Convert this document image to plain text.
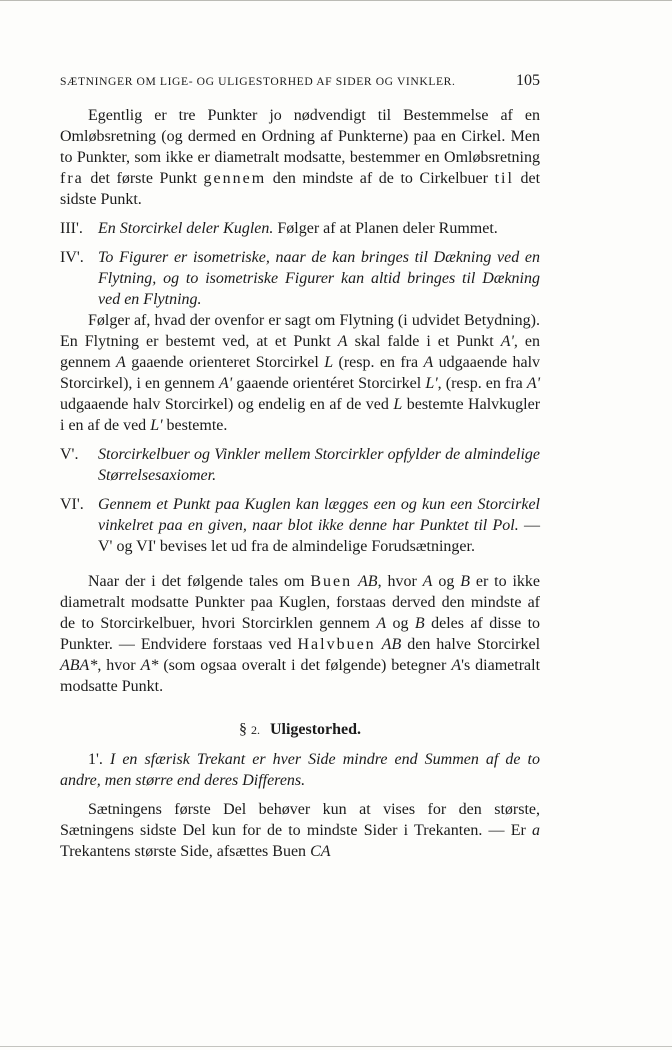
SÆTNINGER OM LIGE- OG ULIGESTORHED AF SIDER OG VINKLER.	105

Egentlig er tre Punkter jo nødvendigt til Bestemmelse af en Omløbsretning (og dermed en Ordning af Punkterne) paa en Cirkel. Men to Punkter, som ikke er diametralt modsatte, bestemmer en Omløbsretning fra det første Punkt gennem den mindste af de to Cirkelbuer til det sidste Punkt.

III'. En Storcirkel deler Kuglen. Følger af at Planen deler Rummet.
IV'. To Figurer er isometriske, naar de kan bringes til Dækning ved en Flytning, og to isometriske Figurer kan altid bringes til Dækning ved en Flytning.

Følger af, hvad der ovenfor er sagt om Flytning (i udvidet Betydning). En Flytning er bestemt ved, at et Punkt A skal falde i et Punkt A', en gennem A gaaende orienteret Storcirkel L (resp. en fra A udgaaende halv Storcirkel), i en gennem A' gaaende orientéret Storcirkel L', (resp. en fra A' udgaaende halv Storcirkel) og endelig en af de ved L bestemte Halvkugler i en af de ved L' bestemte.

V'.	Storcirkelbuer og Vinkler mellem Storcirkler opfylder de almindelige Størrelsesaxiomer.
VI'. Gennem et Punkt paa Kuglen kan lægges een og kun een Storcirkel vinkelret paa en given, naar blot ikke denne har Punktet til Pol. — V' og VI' bevises let ud fra de almindelige Forudsætninger.

Naar der i det følgende tales om Buen AB, hvor A og B er to ikke diametralt modsatte Punkter paa Kuglen, forstaas derved den mindste af de to Storcirkelbuer, hvori Storcirklen gennem A og B deles af disse to Punkter. — Endvidere forstaas ved Halvbuen AB den halve Storcirkel ABA*, hvor A* (som ogsaa overalt i det følgende) betegner A's diametralt modsatte Punkt.

§ 2. Uligestorhed.

1'. I en sfærisk Trekant er hver Side mindre end Summen af de to andre, men større end deres Differens.

Sætningens første Del behøver kun at vises for den største, Sætningens sidste Del kun for de to mindste Sider i Trekanten. — Er a Trekantens største Side, afsættes Buen CA
